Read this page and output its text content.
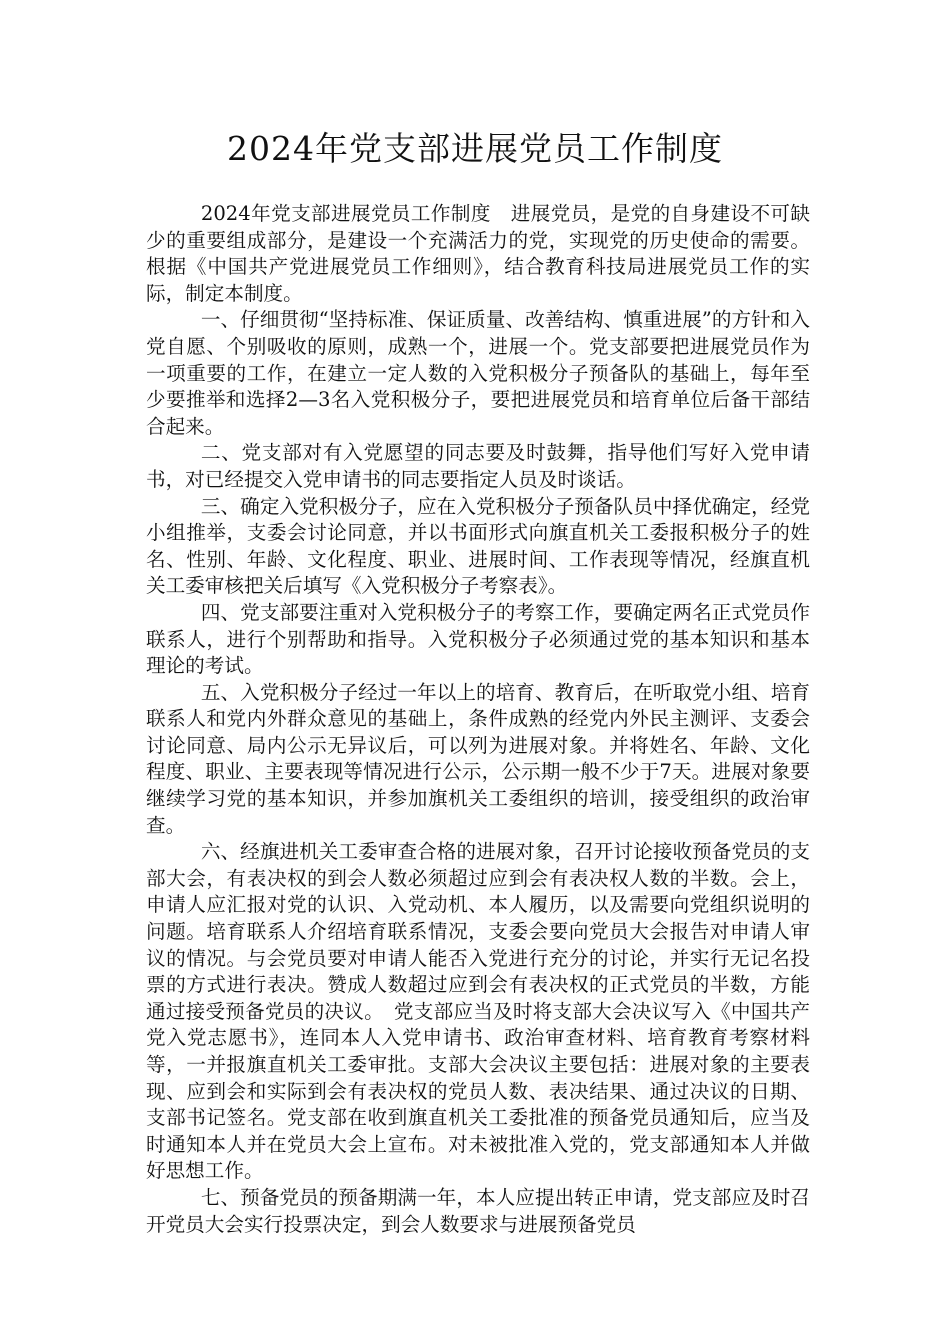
2024年党支部进展党员工作制度

2024年党支部进展党员工作制度　进展党员，是党的自身建设不可缺少的重要组成部分，是建设一个充满活力的党，实现党的历史使命的需要。根据《中国共产党进展党员工作细则》，结合教育科技局进展党员工作的实际，制定本制度。

一、仔细贯彻“坚持标准、保证质量、改善结构、慎重进展”的方针和入党自愿、个别吸收的原则，成熟一个，进展一个。党支部要把进展党员作为一项重要的工作，在建立一定人数的入党积极分子预备队的基础上，每年至少要推举和选择2—3名入党积极分子，要把进展党员和培育单位后备干部结合起来。

二、党支部对有入党愿望的同志要及时鼓舞，指导他们写好入党申请书，对已经提交入党申请书的同志要指定人员及时谈话。

三、确定入党积极分子，应在入党积极分子预备队员中择优确定，经党小组推举，支委会讨论同意，并以书面形式向旗直机关工委报积极分子的姓名、性别、年龄、文化程度、职业、进展时间、工作表现等情况，经旗直机关工委审核把关后填写《入党积极分子考察表》。

四、党支部要注重对入党积极分子的考察工作，要确定两名正式党员作联系人，进行个别帮助和指导。入党积极分子必须通过党的基本知识和基本理论的考试。

五、入党积极分子经过一年以上的培育、教育后，在听取党小组、培育联系人和党内外群众意见的基础上，条件成熟的经党内外民主测评、支委会讨论同意、局内公示无异议后，可以列为进展对象。并将姓名、年龄、文化程度、职业、主要表现等情况进行公示，公示期一般不少于7天。进展对象要继续学习党的基本知识，并参加旗机关工委组织的培训，接受组织的政治审查。

六、经旗进机关工委审查合格的进展对象，召开讨论接收预备党员的支部大会，有表决权的到会人数必须超过应到会有表决权人数的半数。会上，申请人应汇报对党的认识、入党动机、本人履历，以及需要向党组织说明的问题。培育联系人介绍培育联系情况，支委会要向党员大会报告对申请人审议的情况。与会党员要对申请人能否入党进行充分的讨论，并实行无记名投票的方式进行表决。赞成人数超过应到会有表决权的正式党员的半数，方能通过接受预备党员的决议。　党支部应当及时将支部大会决议写入《中国共产党入党志愿书》，连同本人入党申请书、政治审查材料、培育教育考察材料等，一并报旗直机关工委审批。支部大会决议主要包括：进展对象的主要表现、应到会和实际到会有表决权的党员人数、表决结果、通过决议的日期、支部书记签名。党支部在收到旗直机关工委批准的预备党员通知后，应当及时通知本人并在党员大会上宣布。对未被批准入党的，党支部通知本人并做好思想工作。

七、预备党员的预备期满一年，本人应提出转正申请，党支部应及时召开党员大会实行投票决定，到会人数要求与进展预备党员
